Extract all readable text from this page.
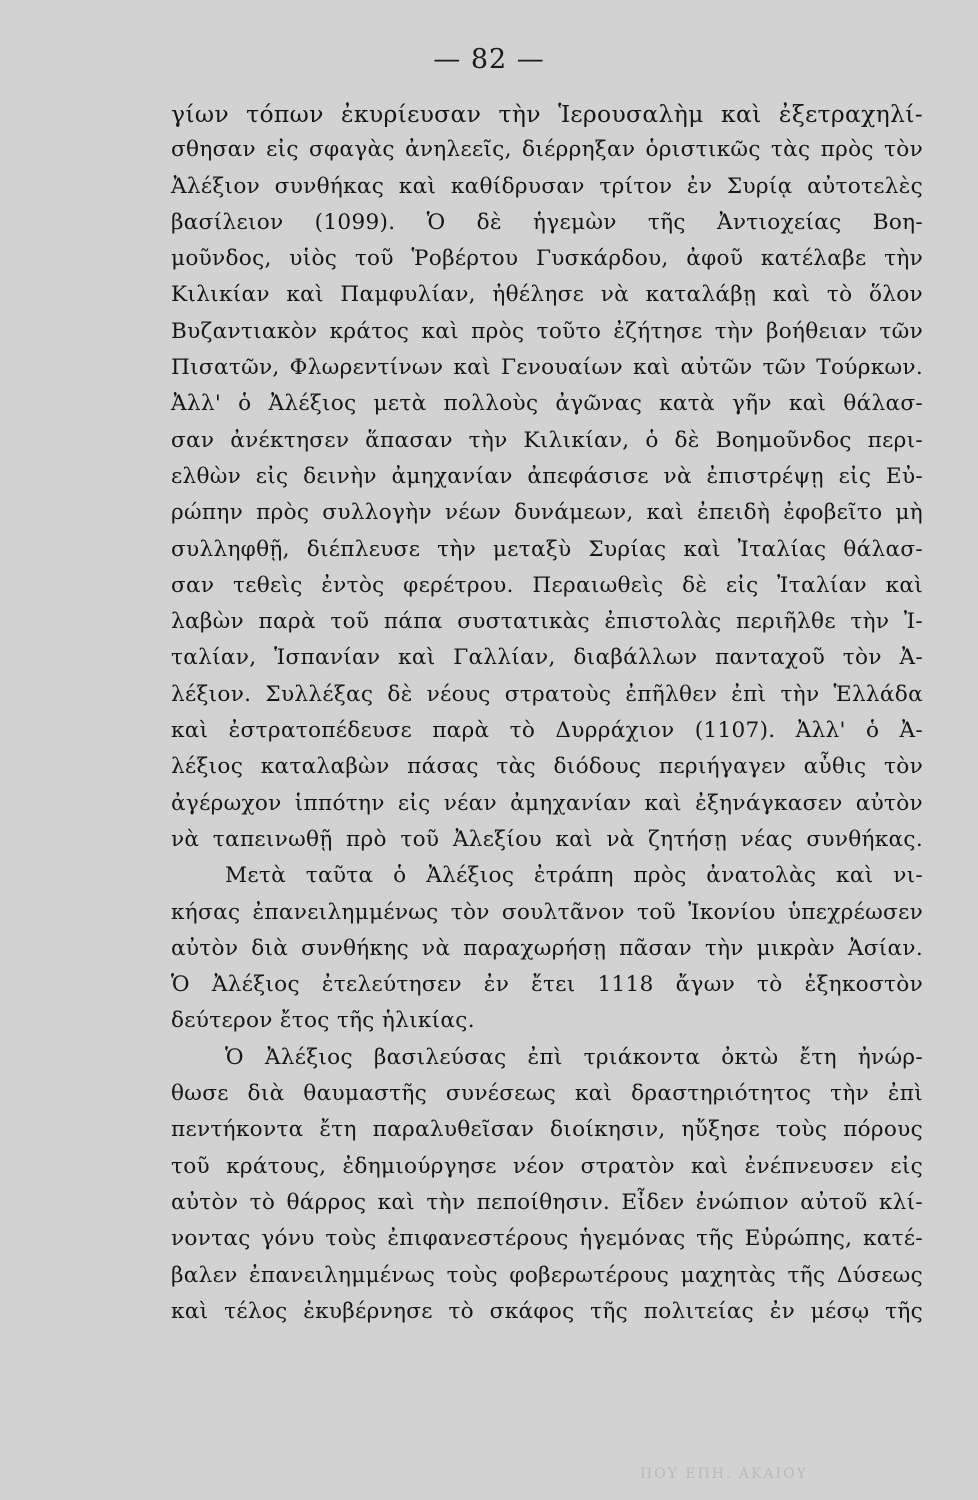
— 82 —
γίων τόπων ἐκυρίευσαν τὴν Ἱερουσαλὴμ καὶ ἐξετραχηλί-
σθησαν εἰς σφαγὰς ἀνηλεεῖς, διέρρηξαν ὁριστικῶς τὰς πρὸς τὸν
Ἀλέξιον συνθήκας καὶ καθίδρυσαν τρίτον ἐν Συρίᾳ αὐτοτελὲς
βασίλειον (1099). Ὁ δὲ ἡγεμὼν τῆς Ἀντιοχείας Βοη-
μοῦνδος, υἱὸς τοῦ Ῥοβέρτου Γυσκάρδου, ἀφοῦ κατέλαβε τὴν
Κιλικίαν καὶ Παμφυλίαν, ἠθέλησε νὰ καταλάβῃ καὶ τὸ ὅλον
Βυζαντιακὸν κράτος καὶ πρὸς τοῦτο ἐζήτησε τὴν βοήθειαν τῶν
Πισατῶν, Φλωρεντίνων καὶ Γενουαίων καὶ αὐτῶν τῶν Τούρκων.
Ἀλλ' ὁ Ἀλέξιος μετὰ πολλοὺς ἀγῶνας κατὰ γῆν καὶ θάλασ-
σαν ἀνέκτησεν ἅπασαν τὴν Κιλικίαν, ὁ δὲ Βοημοῦνδος περι-
ελθὼν εἰς δεινὴν ἀμηχανίαν ἀπεφάσισε νὰ ἐπιστρέψῃ εἰς Εὐ-
ρώπην πρὸς συλλογὴν νέων δυνάμεων, καὶ ἐπειδὴ ἐφοβεῖτο μὴ
συλληφθῇ, διέπλευσε τὴν μεταξὺ Συρίας καὶ Ἰταλίας θάλασ-
σαν τεθεὶς ἐντὸς φερέτρου. Περαιωθεὶς δὲ εἰς Ἰταλίαν καὶ
λαβὼν παρὰ τοῦ πάπα συστατικὰς ἐπιστολὰς περιῆλθε τὴν Ἰ-
ταλίαν, Ἱσπανίαν καὶ Γαλλίαν, διαβάλλων πανταχοῦ τὸν Ἀ-
λέξιον. Συλλέξας δὲ νέους στρατοὺς ἐπῆλθεν ἐπὶ τὴν Ἑλλάδα
καὶ ἐστρατοπέδευσε παρὰ τὸ Δυρράχιον (1107). Ἀλλ' ὁ Ἀ-
λέξιος καταλαβὼν πάσας τὰς διόδους περιήγαγεν αὖθις τὸν
ἀγέρωχον ἱππότην εἰς νέαν ἀμηχανίαν καὶ ἐξηνάγκασεν αὐτὸν
νὰ ταπεινωθῇ πρὸ τοῦ Ἀλεξίου καὶ νὰ ζητήσῃ νέας συνθήκας.
Μετὰ ταῦτα ὁ Ἀλέξιος ἐτράπη πρὸς ἀνατολὰς καὶ νι-
κήσας ἐπανειλημμένως τὸν σουλτᾶνον τοῦ Ἰκονίου ὑπεχρέωσεν
αὐτὸν διὰ συνθήκης νὰ παραχωρήσῃ πᾶσαν τὴν μικρὰν Ἀσίαν.
Ὁ Ἀλέξιος ἐτελεύτησεν ἐν ἔτει 1118 ἄγων τὸ ἑξηκοστὸν
δεύτερον ἔτος τῆς ἡλικίας.
Ὁ Ἀλέξιος βασιλεύσας ἐπὶ τριάκοντα ὀκτὼ ἔτη ἠνώρ-
θωσε διὰ θαυμαστῆς συνέσεως καὶ δραστηριότητος τὴν ἐπὶ
πεντήκοντα ἔτη παραλυθεῖσαν διοίκησιν, ηὔξησε τοὺς πόρους
τοῦ κράτους, ἐδημιούργησε νέον στρατὸν καὶ ἐνέπνευσεν εἰς
αὐτὸν τὸ θάρρος καὶ τὴν πεποίθησιν. Εἶδεν ἐνώπιον αὐτοῦ κλί-
νοντας γόνυ τοὺς ἐπιφανεστέρους ἡγεμόνας τῆς Εὐρώπης, κατέ-
βαλεν ἐπανειλημμένως τοὺς φοβερωτέρους μαχητὰς τῆς Δύσεως
καὶ τέλος ἐκυβέρνησε τὸ σκάφος τῆς πολιτείας ἐν μέσῳ τῆς
ΠΟΥ ΕΠΗ. ΑΚΑΙΟΥ
